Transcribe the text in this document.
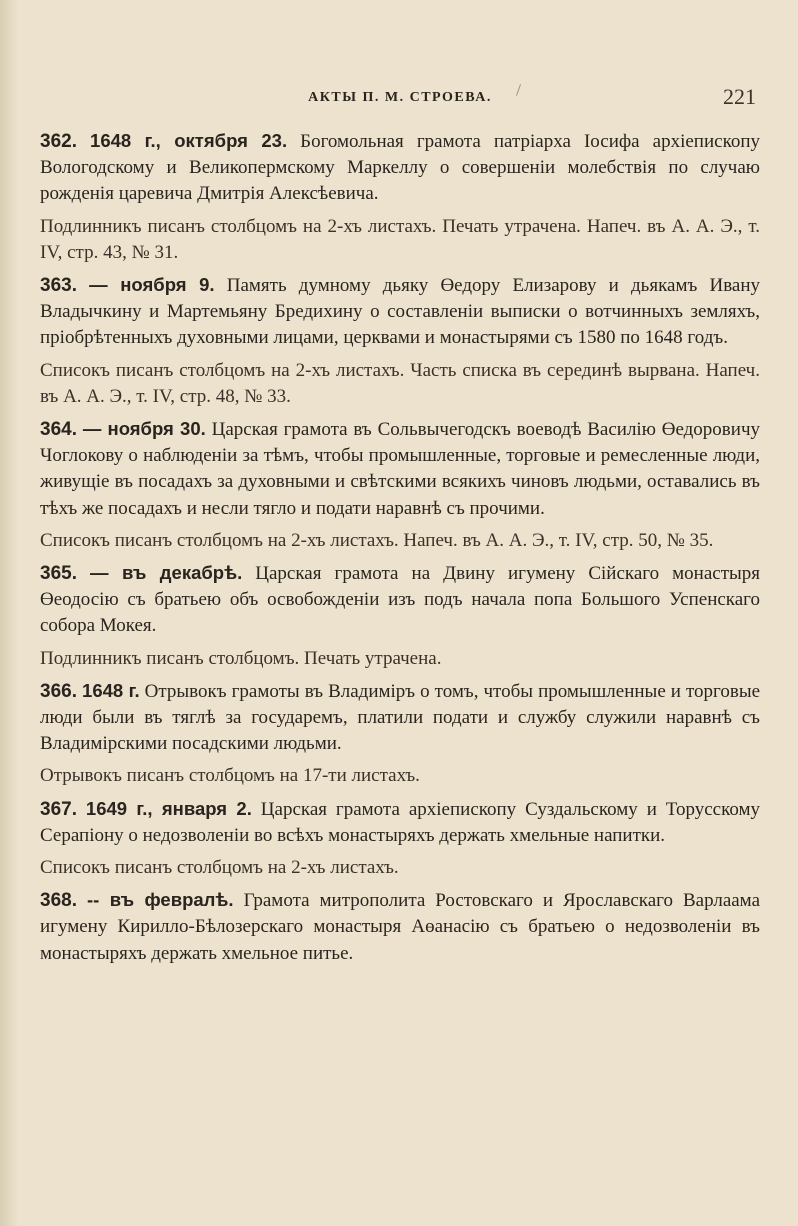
АКТЫ П. М. СТРОЕВА.	221

362. 1648 г., октября 23. Богомольная грамота патріарха Іосифа архіепископу Вологодскому и Великопермскому Маркеллу о совершеніи молебствія по случаю рожденія царевича Дмитрія Алексѣевича.

Подлинникъ писанъ столбцомъ на 2-хъ листахъ. Печать утрачена. Напеч. въ А. А. Э., т. IV, стр. 43, № 31.

363. — ноября 9. Память думному дьяку Өедору Елизарову и дьякамъ Ивану Владычкину и Мартемьяну Бредихину о составленіи выписки о вотчинныхъ земляхъ, пріобрѣтенныхъ духовными лицами, церквами и монастырями съ 1580 по 1648 годъ.

Списокъ писанъ столбцомъ на 2-хъ листахъ. Часть списка въ серединѣ вырвана. Напеч. въ А. А. Э., т. IV, стр. 48, № 33.

364. — ноября 30. Царская грамота въ Сольвычегодскъ воеводѣ Василію Өедоровичу Чоглокову о наблюденіи за тѣмъ, чтобы промышленные, торговые и ремесленные люди, живущіе въ посадахъ за духовными и свѣтскими всякихъ чиновъ людьми, оставались въ тѣхъ же посадахъ и несли тягло и подати наравнѣ съ прочими.

Списокъ писанъ столбцомъ на 2-хъ листахъ. Напеч. въ А. А. Э., т. IV, стр. 50, № 35.

365. — въ декабрѣ. Царская грамота на Двину игумену Сійскаго монастыря Өеодосію съ братьею объ освобожденіи изъ подъ начала попа Большого Успенскаго собора Мокея.

Подлинникъ писанъ столбцомъ. Печать утрачена.

366. 1648 г. Отрывокъ грамоты въ Владиміръ о томъ, чтобы промышленные и торговые люди были въ тяглѣ за государемъ, платили подати и службу служили наравнѣ съ Владимірскими посадскими людьми.

Отрывокъ писанъ столбцомъ на 17-ти листахъ.

367. 1649 г., января 2. Царская грамота архіепископу Суздальскому и Торусскому Серапіону о недозволеніи во всѣхъ монастыряхъ держать хмельные напитки.

Списокъ писанъ столбцомъ на 2-хъ листахъ.

368. -- въ февралѣ. Грамота митрополита Ростовскаго и Ярославскаго Варлаама игумену Кирилло-Бѣлозерскаго монастыря Аөанасію съ братьею о недозволеніи въ монастыряхъ держать хмельное питье.
